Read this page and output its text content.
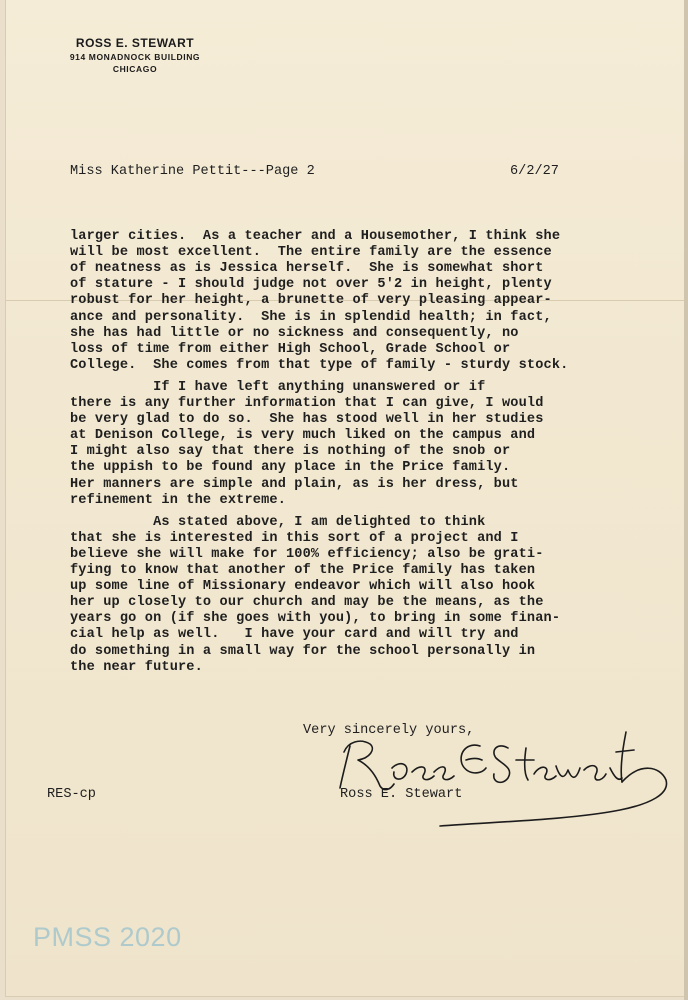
ROSS E. STEWART
914 MONADNOCK BUILDING
CHICAGO
Miss Katherine Pettit---Page 2	6/2/27
larger cities.  As a teacher and a Housemother, I think she
will be most excellent.  The entire family are the essence
of neatness as is Jessica herself.  She is somewhat short
of stature - I should judge not over 5'2 in height, plenty
robust for her height, a brunette of very pleasing appear-
ance and personality.  She is in splendid health; in fact,
she has had little or no sickness and consequently, no
loss of time from either High School, Grade School or
College.  She comes from that type of family - sturdy stock.
If I have left anything unanswered or if
there is any further information that I can give, I would
be very glad to do so.  She has stood well in her studies
at Denison College, is very much liked on the campus and
I might also say that there is nothing of the snob or
the uppish to be found any place in the Price family.
Her manners are simple and plain, as is her dress, but
refinement in the extreme.
As stated above, I am delighted to think
that she is interested in this sort of a project and I
believe she will make for 100% efficiency; also be grati-
fying to know that another of the Price family has taken
up some line of Missionary endeavor which will also hook
her up closely to our church and may be the means, as the
years go on (if she goes with you), to bring in some finan-
cial help as well.   I have your card and will try and
do something in a small way for the school personally in
the near future.
Very sincerely yours,
Ross E. Stewart
RES-cp
PMSS 2020
